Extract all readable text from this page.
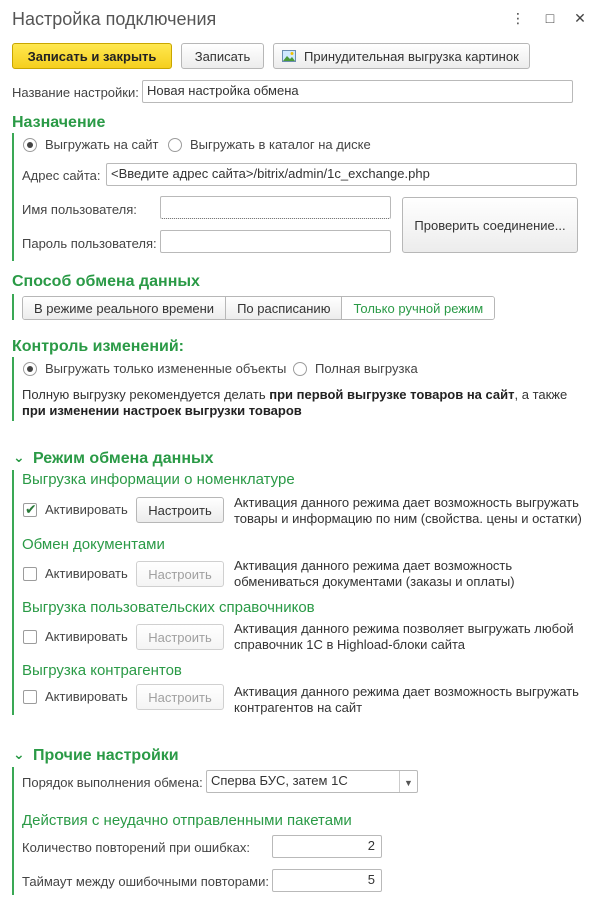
Настройка подключения	⋮	□	✕
Записать и закрыть	Записать	Принудительная выгрузка картинок
Название настройки: Новая настройка обмена
Назначение
Выгружать на сайт Выгружать в каталог на диске
Адрес сайта: <Введите адрес сайта>/bitrix/admin/1c_exchange.php
Имя пользователя:
Пароль пользователя:
Проверить соединение...
Способ обмена данных
В режиме реального времени	По расписанию	Только ручной режим
Контроль изменений:
Выгружать только измененные объекты Полная выгрузка
Полную выгрузку рекомендуется делать при первой выгрузке товаров на сайт, а также при изменении настроек выгрузки товаров
⌄ Режим обмена данных
Выгрузка информации о номенклатуре
✔ Активировать	Настроить	Активация данного режима дает возможность выгружать
товары и информацию по ним (свойства. цены и остатки)
Обмен документами
Активировать	Настроить
Активация данного режима дает возможность
обмениваться документами (заказы и оплаты)
Выгрузка пользовательских справочников
Активировать	Настроить
Активация данного режима позволяет выгружать любой
справочник 1С в Highload-блоки сайта
Выгрузка контрагентов
Активировать	Настроить	Активация данного режима дает возможность выгружать
контрагентов на сайт
⌄ Прочие настройки
Порядок выполнения обмена: Сперва БУС, затем 1С	▼
Действия с неудачно отправленными пакетами
Количество повторений при ошибках:	2
Таймаут между ошибочными повторами:	5
